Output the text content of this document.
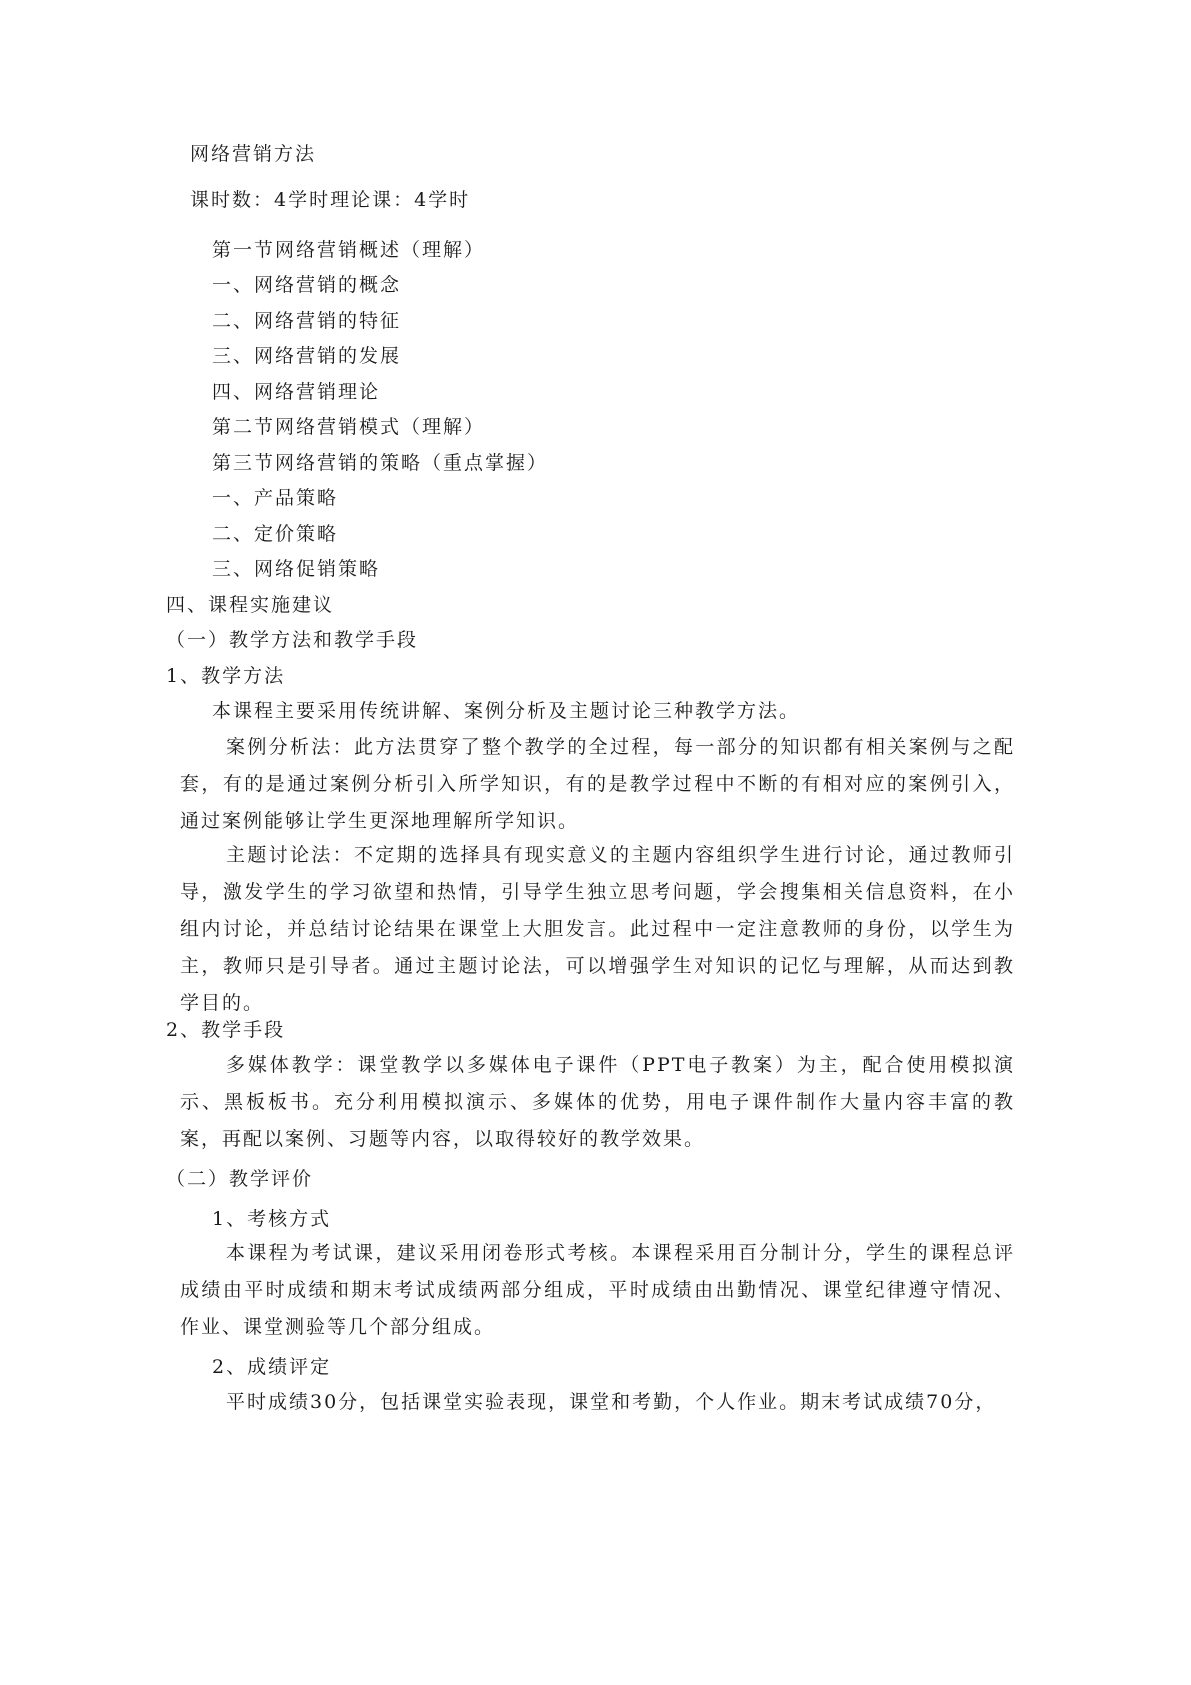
网络营销方法
课时数：4学时理论课：4学时
第一节网络营销概述（理解）
一、网络营销的概念
二、网络营销的特征
三、网络营销的发展
四、网络营销理论
第二节网络营销模式（理解）
第三节网络营销的策略（重点掌握）
一、产品策略
二、定价策略
三、网络促销策略
四、课程实施建议
（一）教学方法和教学手段
1、教学方法
本课程主要采用传统讲解、案例分析及主题讨论三种教学方法。

案例分析法：此方法贯穿了整个教学的全过程，每一部分的知识都有相关案例与之配套，有的是通过案例分析引入所学知识，有的是教学过程中不断的有相对应的案例引入，通过案例能够让学生更深地理解所学知识。

主题讨论法：不定期的选择具有现实意义的主题内容组织学生进行讨论，通过教师引导，激发学生的学习欲望和热情，引导学生独立思考问题，学会搜集相关信息资料，在小组内讨论，并总结讨论结果在课堂上大胆发言。此过程中一定注意教师的身份，以学生为主，教师只是引导者。通过主题讨论法，可以增强学生对知识的记忆与理解，从而达到教学目的。

2、教学手段

多媒体教学：课堂教学以多媒体电子课件（PPT电子教案）为主，配合使用模拟演示、黑板板书。充分利用模拟演示、多媒体的优势，用电子课件制作大量内容丰富的教案，再配以案例、习题等内容，以取得较好的教学效果。

（二）教学评价
1、考核方式

本课程为考试课，建议采用闭卷形式考核。本课程采用百分制计分，学生的课程总评成绩由平时成绩和期末考试成绩两部分组成，平时成绩由出勤情况、课堂纪律遵守情况、作业、课堂测验等几个部分组成。

2、成绩评定

平时成绩30分，包括课堂实验表现，课堂和考勤，个人作业。期末考试成绩70分，
